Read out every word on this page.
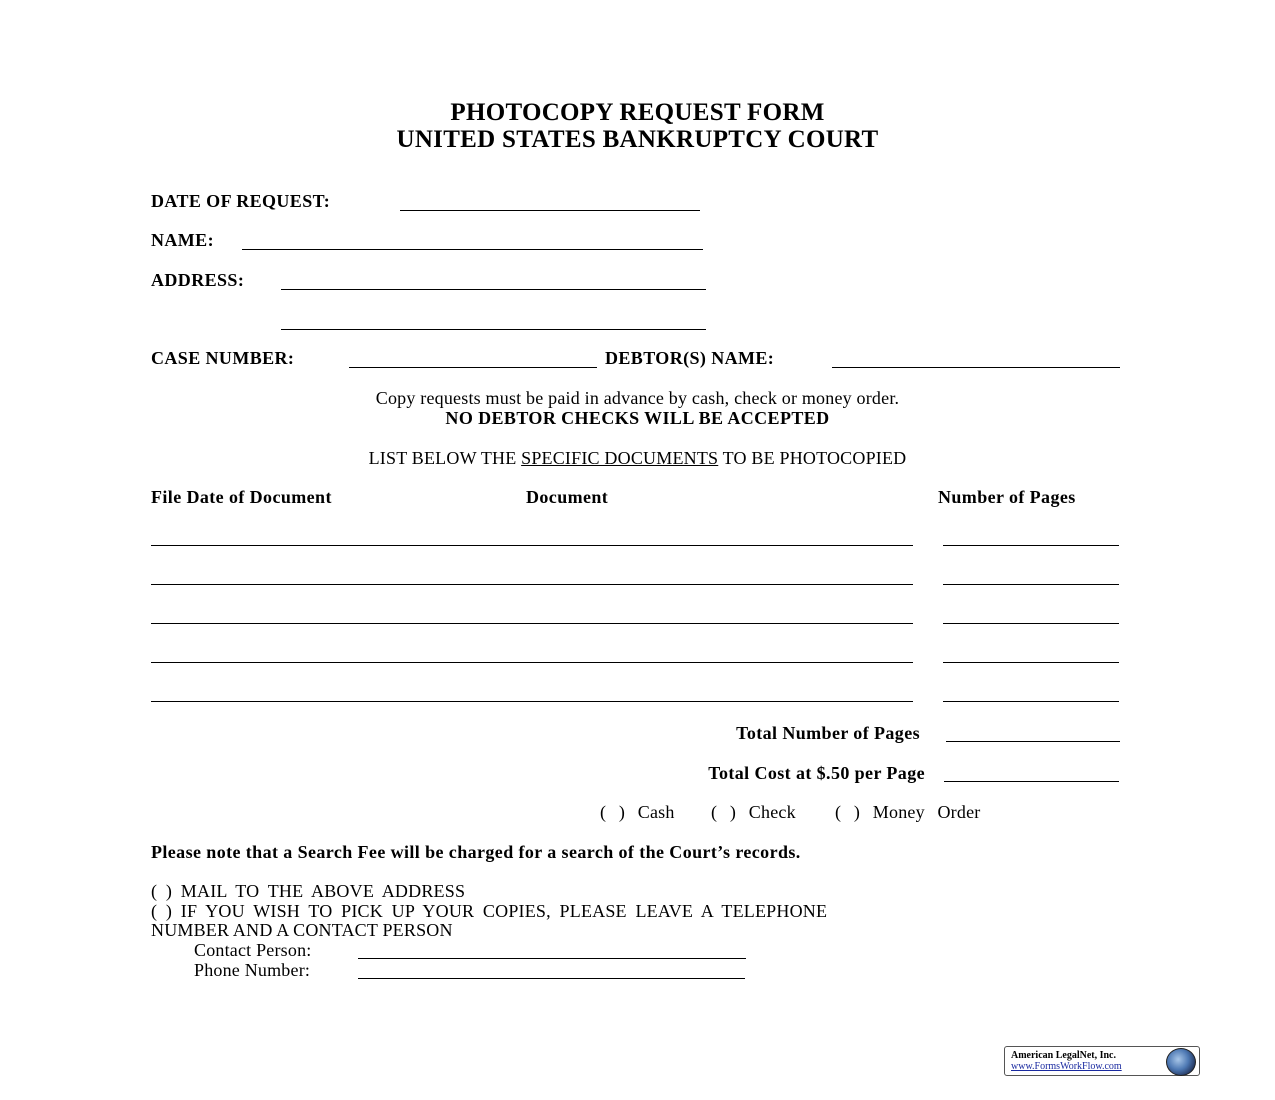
PHOTOCOPY REQUEST FORM
UNITED STATES BANKRUPTCY COURT
DATE OF REQUEST:
NAME:
ADDRESS:
CASE NUMBER:	DEBTOR(S) NAME:
Copy requests must be paid in advance by cash, check or money order.
NO DEBTOR CHECKS WILL BE ACCEPTED
LIST BELOW THE SPECIFIC DOCUMENTS TO BE PHOTOCOPIED
File Date of Document	Document	Number of Pages
Total Number of Pages
Total Cost at $.50 per Page
( ) Cash ( ) Check ( ) Money Order
Please note that a Search Fee will be charged for a search of the Court’s records.
( ) MAIL TO THE ABOVE ADDRESS
( ) IF YOU WISH TO PICK UP YOUR COPIES, PLEASE LEAVE A TELEPHONE
NUMBER AND A CONTACT PERSON
Contact Person:
Phone Number:
American LegalNet, Inc.
www.FormsWorkFlow.com
